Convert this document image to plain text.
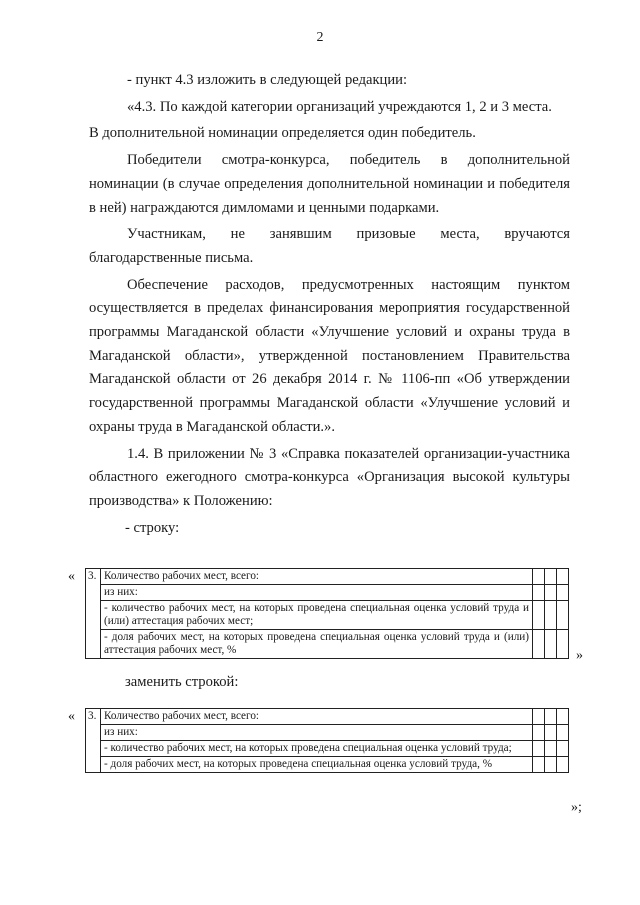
2

- пункт 4.3 изложить в следующей редакции:

«4.3. По каждой категории организаций учреждаются 1, 2 и 3 места.

В дополнительной номинации определяется один победитель.

Победители смотра-конкурса, победитель в дополнительной номинации (в случае определения дополнительной номинации и победителя в ней) награждаются димломами и ценными подарками.

Участникам, не занявшим призовые места, вручаются благодарственные письма.

Обеспечение расходов, предусмотренных настоящим пунктом осуществляется в пределах финансирования мероприятия государственной программы Магаданской области «Улучшение условий и охраны труда в Магаданской области», утвержденной постановлением Правительства Магаданской области от 26 декабря 2014 г. № 1106-пп «Об утверждении государственной программы Магаданской области «Улучшение условий и охраны труда в Магаданской области.».

1.4. В приложении № 3 «Справка показателей организации-участника областного ежегодного смотра-конкурса «Организация высокой культуры производства» к Положению:

- строку:

« 3.	Количество рабочих мест, всего:			
	из них:			
	- количество рабочих мест, на которых проведена специальная оценка условий труда и (или) аттестация рабочих мест;			
	- доля рабочих мест, на которых проведена специальная оценка условий труда и (или) аттестация рабочих мест, %				»
заменить строкой:
« 3.	Количество рабочих мест, всего:			
	из них:			
	- количество рабочих мест, на которых проведена специальная оценка условий труда;			
	- доля рабочих мест, на которых проведена специальная оценка условий труда, %			
»;
